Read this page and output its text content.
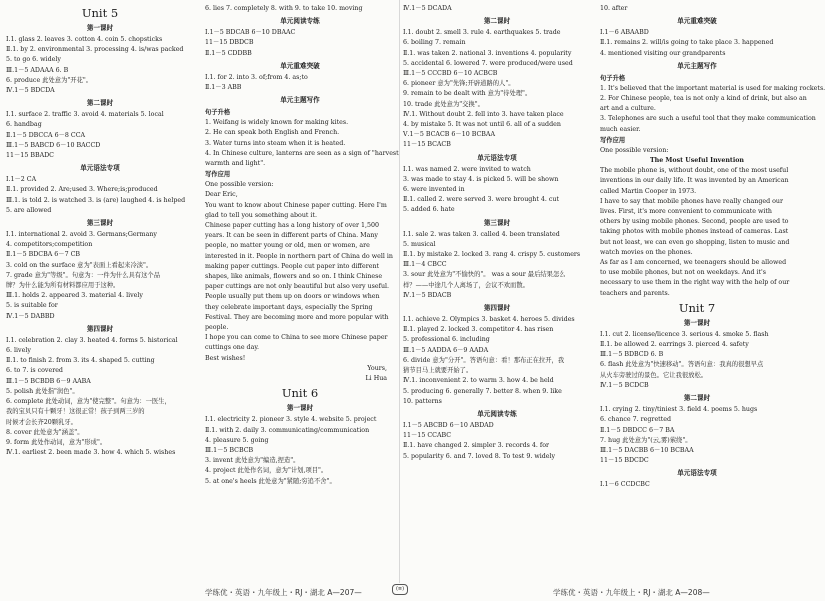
Unit 5
第一课时
Ⅰ.1. glass 2. leaves 3. cotton 4. coin 5. chopsticks
Ⅱ.1. by 2. environmental 3. processing 4. is/was packed
5. to go 6. widely
Ⅲ.1－5 ADAAA 6. B
6. produce 此处意为"开花"。
Ⅳ.1－5 BDCDA
第二课时
Ⅰ.1. surface 2. traffic 3. avoid 4. materials 5. local
6. handbag
Ⅱ.1－5 DBCCA 6－8 CCA
Ⅲ.1－5 BABCD 6－10 BACCD
11－15 BBADC
单元语法专项
Ⅰ.1－2 CA
Ⅱ.1. provided 2. Are;used 3. Where;is;produced
Ⅲ.1. is told 2. is watched 3. is (are) laughed 4. is helped
5. are allowed
第三课时
Ⅰ.1. international 2. avoid 3. Germans;Germany
4. competitors;competition
Ⅱ.1－5 BDCBA 6－7 CB
3. cold on the surface 意为"表面上看起来冷淡"。
7. grade 意为"等级"。句意为：一件为什么具有这个品
牌？为什么能为所有材料都应用于这种。
Ⅲ.1. holds 2. appeared 3. material 4. lively
5. is suitable for
Ⅳ.1－5 DABBD
第四课时
Ⅰ.1. celebration 2. clay 3. heated 4. forms 5. historical
6. lively
Ⅱ.1. to finish 2. from 3. its 4. shaped 5. cutting
6. to 7. is covered
Ⅲ.1－5 BCBDB 6－9 AABA
5. polish 此处指"润色"。
6. complete 此处动词，意为"使完整"。句意为：一医生，
我的宝贝只有十颗牙！这很正常！孩子到两三岁的
时候才会长齐20颗乳牙。
8. cover 此处意为"涵盖"。
9. form 此处作动词，意为"形成"。
Ⅳ.1. earliest 2. been made 3. how 4. which 5. wishes
6. lies 7. completely 8. with 9. to take 10. moving
单元阅读专练
Ⅰ.1－5 BDCAB 6－10 DBAAC
11－15 DBDCB
Ⅱ.1－5 CDDBB
单元重难突破
Ⅰ.1. for 2. into 3. of;from 4. as;to
Ⅱ.1－3 ABB
单元主题写作
句子升格
1. Weifang is widely known for making kites.
2. He can speak both English and French.
3. Water turns into steam when it is heated.
4. In Chinese culture, lanterns are seen as a sign of "harvest,
warmth and light".
写作应用
One possible version:
Dear Eric,
You want to know about Chinese paper cutting. Here I'm glad to tell you something about it.
Chinese paper cutting has a long history of over 1,500 years. It can be seen in different parts of China. Many people, no matter young or old, men or women, are interested in it. People in northern part of China do well in making paper cuttings. People cut paper into different shapes, like animals, flowers and so on. I think Chinese paper cuttings are not only beautiful but also very useful. People usually put them up on doors or windows when they celebrate important days, especially the Spring Festival. They are becoming more and more popular with people.
I hope you can come to China to see more Chinese paper cuttings one day.
Best wishes!
Yours,
Li Hua
Unit 6
第一课时
Ⅰ.1. electricity 2. pioneer 3. style 4. website 5. project
Ⅱ.1. with 2. daily 3. communicating/communication
4. pleasure 5. going
Ⅲ.1－5 BCBCB
3. invent 此处意为"编造,捏造"。
4. project 此处作名词，意为"计划,项目"。
5. at one's heels 此处意为"紧随;穷追不舍"。
Ⅳ.1－5 DCADA
第二课时
Ⅰ.1. doubt 2. smell 3. rule 4. earthquakes 5. trade
6. boiling 7. remain
Ⅱ.1. was taken 2. national 3. inventions 4. popularity
5. accidental 6. lowered 7. were produced/were used
Ⅲ.1－5 CCCBD 6－10 ACBCB
6. pioneer 意为"先锋;开辟道路的人"。
9. remain to be dealt with 意为"待处理"。
10. trade 此处意为"交换"。
Ⅳ.1. Without doubt 2. fell into 3. have taken place
4. by mistake 5. It was not until 6. all of a sudden
Ⅴ.1－5 BCACB 6－10 BCBAA
11－15 BCACB
单元语法专项
Ⅰ.1. was named 2. were invited to watch
3. was made to stay 4. is picked 5. will be shown
6. were invented in
Ⅱ.1. called 2. were served 3. were brought 4. cut
5. added 6. hate
第三课时
Ⅰ.1. sale 2. was taken 3. called 4. been translated
5. musical
Ⅱ.1. by mistake 2. locked 3. rang 4. crispy 5. customers
Ⅲ.1－4 CBCC
3. sour 此处意为"不愉快的"。 was a sour 最后结果怎么
样？——中途几个人离场了，会议不欢而散。
Ⅳ.1－5 BDACB
第四课时
Ⅰ.1. achieve 2. Olympics 3. basket 4. heroes 5. divides
Ⅱ.1. played 2. locked 3. competitor 4. has risen
5. professional 6. including
Ⅲ.1－5 AADDA 6－9 AADA
6. divide 意为"分开"。答语句意：看！那布正在拉开，我
猜节目马上就要开始了。
Ⅳ.1. inconvenient 2. to warm 3. how 4. be held
5. producing 6. generally 7. better 8. when 9. like
10. patterns
单元阅读专练
Ⅰ.1－5 ABCBD 6－10 ABDAD
11－15 CCABC
Ⅱ.1. have changed 2. simpler 3. records 4. for
5. popularity 6. and 7. loved 8. To test 9. widely
10. after
单元重难突破
Ⅰ.1－6 ABAABD
Ⅱ.1. remains 2. will/is going to take place 3. happened
4. mentioned visiting our grandparents
单元主题写作
句子升格
1. It's believed that the important material is used for making rockets.
2. For Chinese people, tea is not only a kind of drink, but also an
art and a culture.
3. Telephones are such a useful tool that they make communication
much easier.
写作应用
One possible version:
The Most Useful Invention
The mobile phone is, without doubt, one of the most useful inventions in our daily life. It was invented by an American called Martin Cooper in 1973.
I have to say that mobile phones have really changed our lives. First, it's more convenient to communicate with others by using mobile phones. Second, people are used to taking photos with mobile phones instead of cameras. Last but not least, we can even go shopping, listen to music and watch movies on the phones.
As far as I am concerned, we teenagers should be allowed to use mobile phones, but not on weekdays. And it's necessary to use them in the right way with the help of our teachers and parents.
Unit 7
第一课时
Ⅰ.1. cut 2. license/licence 3. serious 4. smoke 5. flash
Ⅱ.1. be allowed 2. earrings 3. pierced 4. safety
Ⅲ.1－5 BDBCD 6. B
6. flash 此处意为"快速移动"。答语句意：我真的很想早点
从火车旁驶过的景色。它让我很放松。
Ⅳ.1－5 BCDCB
第二课时
Ⅰ.1. crying 2. tiny/tiniest 3. field 4. poems 5. hugs
6. chance 7. regretted
Ⅱ.1－5 DBDCC 6－7 BA
7. hug 此处意为"(云,雾)萦绕"。
Ⅲ.1－5 DACBB 6－10 BCBAA
11－15 BDCDC
单元语法专项
Ⅰ.1－6 CCDCBC
学练优・英语・九年级上・RJ・湖北 A—207—	(≡)	学练优・英语・九年级上・RJ・湖北 A—208—
